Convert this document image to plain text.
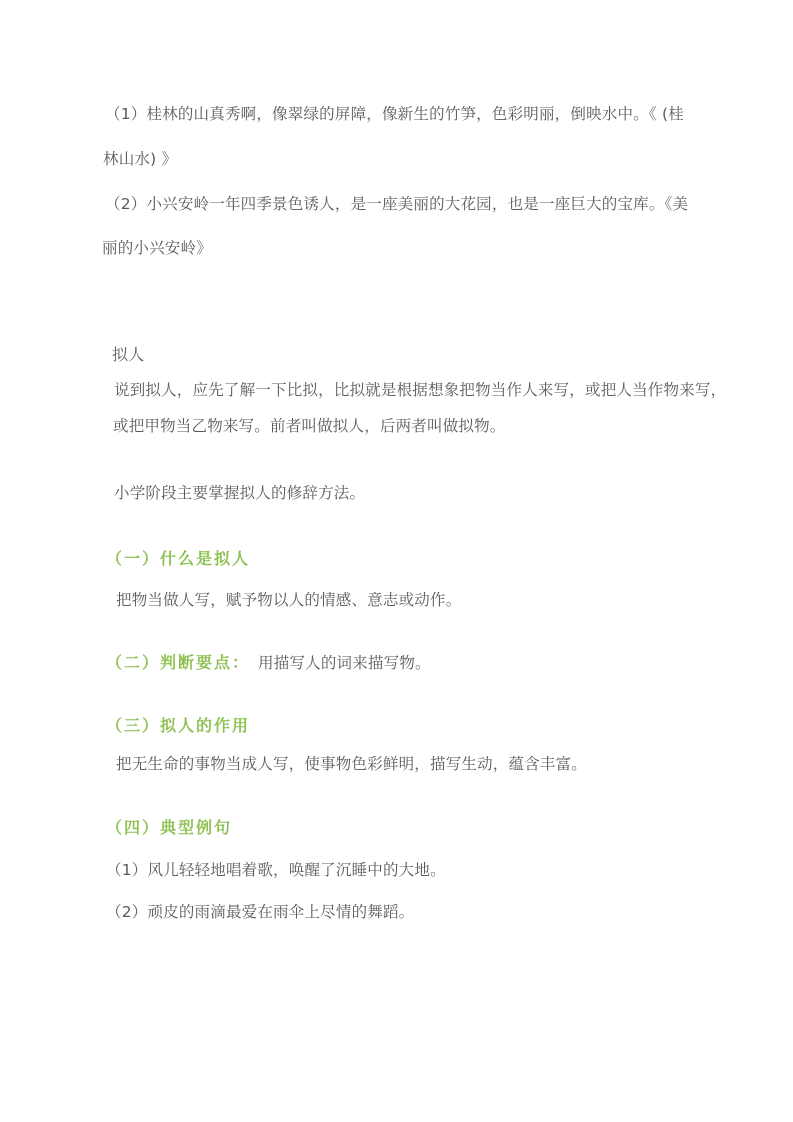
（1）桂林的山真秀啊，像翠绿的屏障，像新生的竹笋，色彩明丽，倒映水中。《 (桂
林山水) 》
（2）小兴安岭一年四季景色诱人，是一座美丽的大花园，也是一座巨大的宝库。《美
丽的小兴安岭》
拟人
说到拟人，应先了解一下比拟，比拟就是根据想象把物当作人来写，或把人当作物来写，
或把甲物当乙物来写。前者叫做拟人，后两者叫做拟物。
小学阶段主要掌握拟人的修辞方法。
（一）什么是拟人
把物当做人写，赋予物以人的情感、意志或动作。
（二）判断要点： 用描写人的词来描写物。
（三）拟人的作用
把无生命的事物当成人写，使事物色彩鲜明，描写生动，蕴含丰富。
（四）典型例句
（1）风儿轻轻地唱着歌，唤醒了沉睡中的大地。
（2）顽皮的雨滴最爱在雨伞上尽情的舞蹈。
